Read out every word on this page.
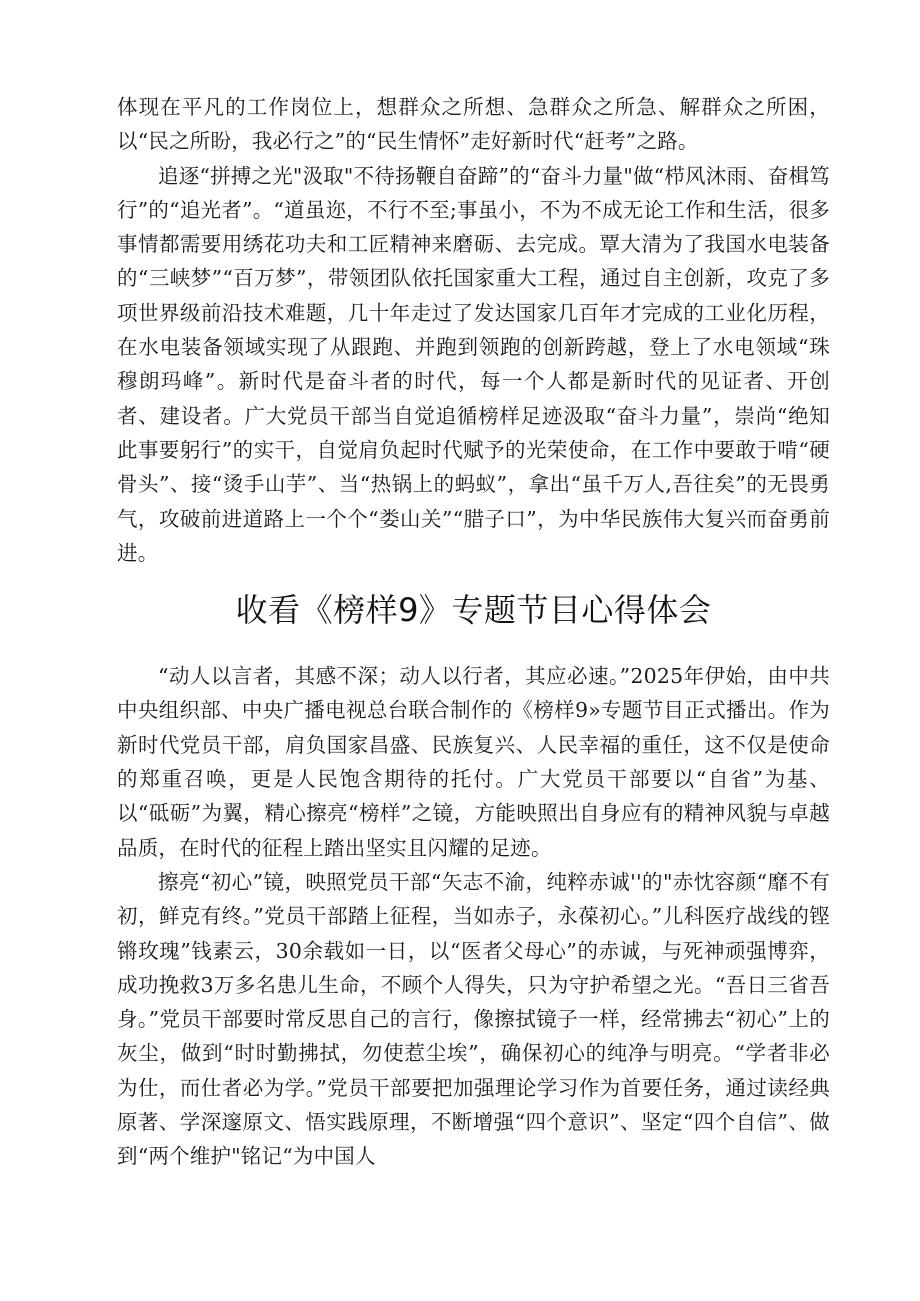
体现在平凡的工作岗位上，想群众之所想、急群众之所急、解群众之所困，以“民之所盼，我必行之”的“民生情怀”走好新时代“赶考”之路。

追逐“拼搏之光"汲取"不待扬鞭自奋蹄”的“奋斗力量"做“栉风沐雨、奋楫笃行”的“追光者”。“道虽迩，不行不至;事虽小，不为不成无论工作和生活，很多事情都需要用绣花功夫和工匠精神来磨砺、去完成。覃大清为了我国水电装备的“三峡梦”“百万梦”，带领团队依托国家重大工程，通过自主创新，攻克了多项世界级前沿技术难题，几十年走过了发达国家几百年才完成的工业化历程，在水电装备领域实现了从跟跑、并跑到领跑的创新跨越，登上了水电领域“珠穆朗玛峰”。新时代是奋斗者的时代，每一个人都是新时代的见证者、开创者、建设者。广大党员干部当自觉追循榜样足迹汲取“奋斗力量”，崇尚“绝知此事要躬行”的实干，自觉肩负起时代赋予的光荣使命，在工作中要敢于啃“硬骨头”、接“烫手山芋”、当“热锅上的蚂蚁”，拿出“虽千万人,吾往矣”的无畏勇气，攻破前进道路上一个个“娄山关”“腊子口”，为中华民族伟大复兴而奋勇前进。

收看《榜样9》专题节目心得体会

“动人以言者，其感不深；动人以行者，其应必速。”2025年伊始，由中共中央组织部、中央广播电视总台联合制作的《榜样9»专题节目正式播出。作为新时代党员干部，肩负国家昌盛、民族复兴、人民幸福的重任，这不仅是使命的郑重召唤，更是人民饱含期待的托付。广大党员干部要以“自省”为基、以“砥砺”为翼，精心擦亮“榜样”之镜，方能映照出自身应有的精神风貌与卓越品质，在时代的征程上踏出坚实且闪耀的足迹。

擦亮“初心”镜，映照党员干部“矢志不渝，纯粹赤诚''的"赤忱容颜“靡不有初，鲜克有终。”党员干部踏上征程，当如赤子，永葆初心。”儿科医疗战线的铿锵玫瑰”钱素云，30余载如一日，以“医者父母心”的赤诚，与死神顽强博弈，成功挽救3万多名患儿生命，不顾个人得失，只为守护希望之光。“吾日三省吾身。”党员干部要时常反思自己的言行，像擦拭镜子一样，经常拂去“初心”上的灰尘，做到“时时勤拂拭，勿使惹尘埃”，确保初心的纯净与明亮。“学者非必为仕，而仕者必为学。”党员干部要把加强理论学习作为首要任务，通过读经典原著、学深邃原文、悟实践原理，不断增强“四个意识”、坚定“四个自信”、做到“两个维护"铭记“为中国人
